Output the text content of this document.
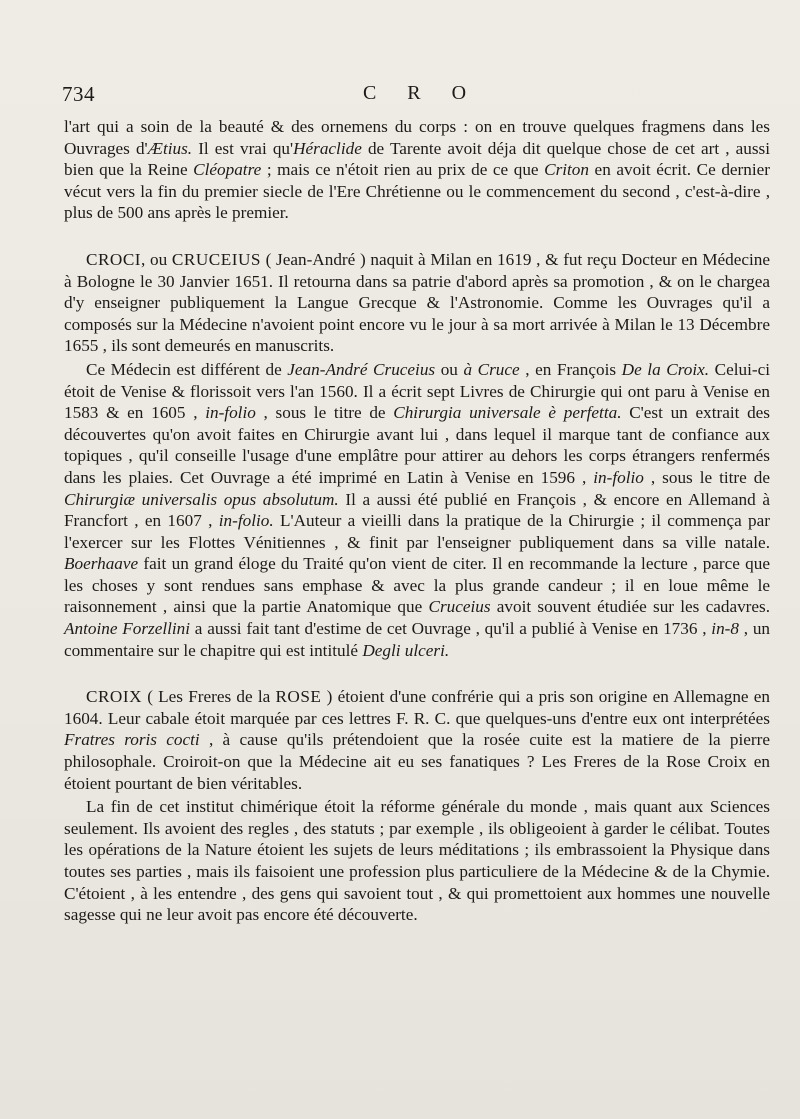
734	C R O

l'art qui a soin de la beauté & des ornemens du corps : on en trouve quelques fragmens dans les Ouvrages d'Ætius. Il est vrai qu'Héraclide de Tarente avoit déja dit quelque chose de cet art , aussi bien que la Reine Cléopatre ; mais ce n'étoit rien au prix de ce que Criton en avoit écrit. Ce dernier vécut vers la fin du premier siecle de l'Ere Chrétienne ou le commencement du second , c'est-à-dire , plus de 500 ans après le premier.

CROCI, ou CRUCEIUS ( Jean-André ) naquit à Milan en 1619 , & fut reçu Docteur en Médecine à Bologne le 30 Janvier 1651. Il retourna dans sa patrie d'abord après sa promotion , & on le chargea d'y enseigner publiquement la Langue Grecque & l'Astronomie. Comme les Ouvrages qu'il a composés sur la Médecine n'avoient point encore vu le jour à sa mort arrivée à Milan le 13 Décembre 1655 , ils sont demeurés en manuscrits.

Ce Médecin est différent de Jean-André Cruceius ou à Cruce , en François De la Croix. Celui-ci étoit de Venise & florissoit vers l'an 1560. Il a écrit sept Livres de Chirurgie qui ont paru à Venise en 1583 & en 1605 , in-folio , sous le titre de Chirurgia universale è perfetta. C'est un extrait des découvertes qu'on avoit faites en Chirurgie avant lui , dans lequel il marque tant de confiance aux topiques , qu'il conseille l'usage d'une emplâtre pour attirer au dehors les corps étrangers renfermés dans les plaies. Cet Ouvrage a été imprimé en Latin à Venise en 1596 , in-folio , sous le titre de Chirurgiæ universalis opus absolutum. Il a aussi été publié en François , & encore en Allemand à Francfort , en 1607 , in-folio. L'Auteur a vieilli dans la pratique de la Chirurgie ; il commença par l'exercer sur les Flottes Vénitiennes , & finit par l'enseigner publiquement dans sa ville natale. Boerhaave fait un grand éloge du Traité qu'on vient de citer. Il en recommande la lecture , parce que les choses y sont rendues sans emphase & avec la plus grande candeur ; il en loue même le raisonnement , ainsi que la partie Anatomique que Cruceius avoit souvent étudiée sur les cadavres. Antoine Forzellini a aussi fait tant d'estime de cet Ouvrage , qu'il a publié à Venise en 1736 , in-8 , un commentaire sur le chapitre qui est intitulé Degli ulceri.

CROIX ( Les Freres de la ROSE ) étoient d'une confrérie qui a pris son origine en Allemagne en 1604. Leur cabale étoit marquée par ces lettres F. R. C. que quelques-uns d'entre eux ont interprétées Fratres roris cocti , à cause qu'ils prétendoient que la rosée cuite est la matiere de la pierre philosophale. Croiroit-on que la Médecine ait eu ses fanatiques ? Les Freres de la Rose Croix en étoient pourtant de bien véritables.

La fin de cet institut chimérique étoit la réforme générale du monde , mais quant aux Sciences seulement. Ils avoient des regles , des statuts ; par exemple , ils obligeoient à garder le célibat. Toutes les opérations de la Nature étoient les sujets de leurs méditations ; ils embrassoient la Physique dans toutes ses parties , mais ils faisoient une profession plus particuliere de la Médecine & de la Chymie. C'étoient , à les entendre , des gens qui savoient tout , & qui promettoient aux hommes une nouvelle sagesse qui ne leur avoit pas encore été découverte.
